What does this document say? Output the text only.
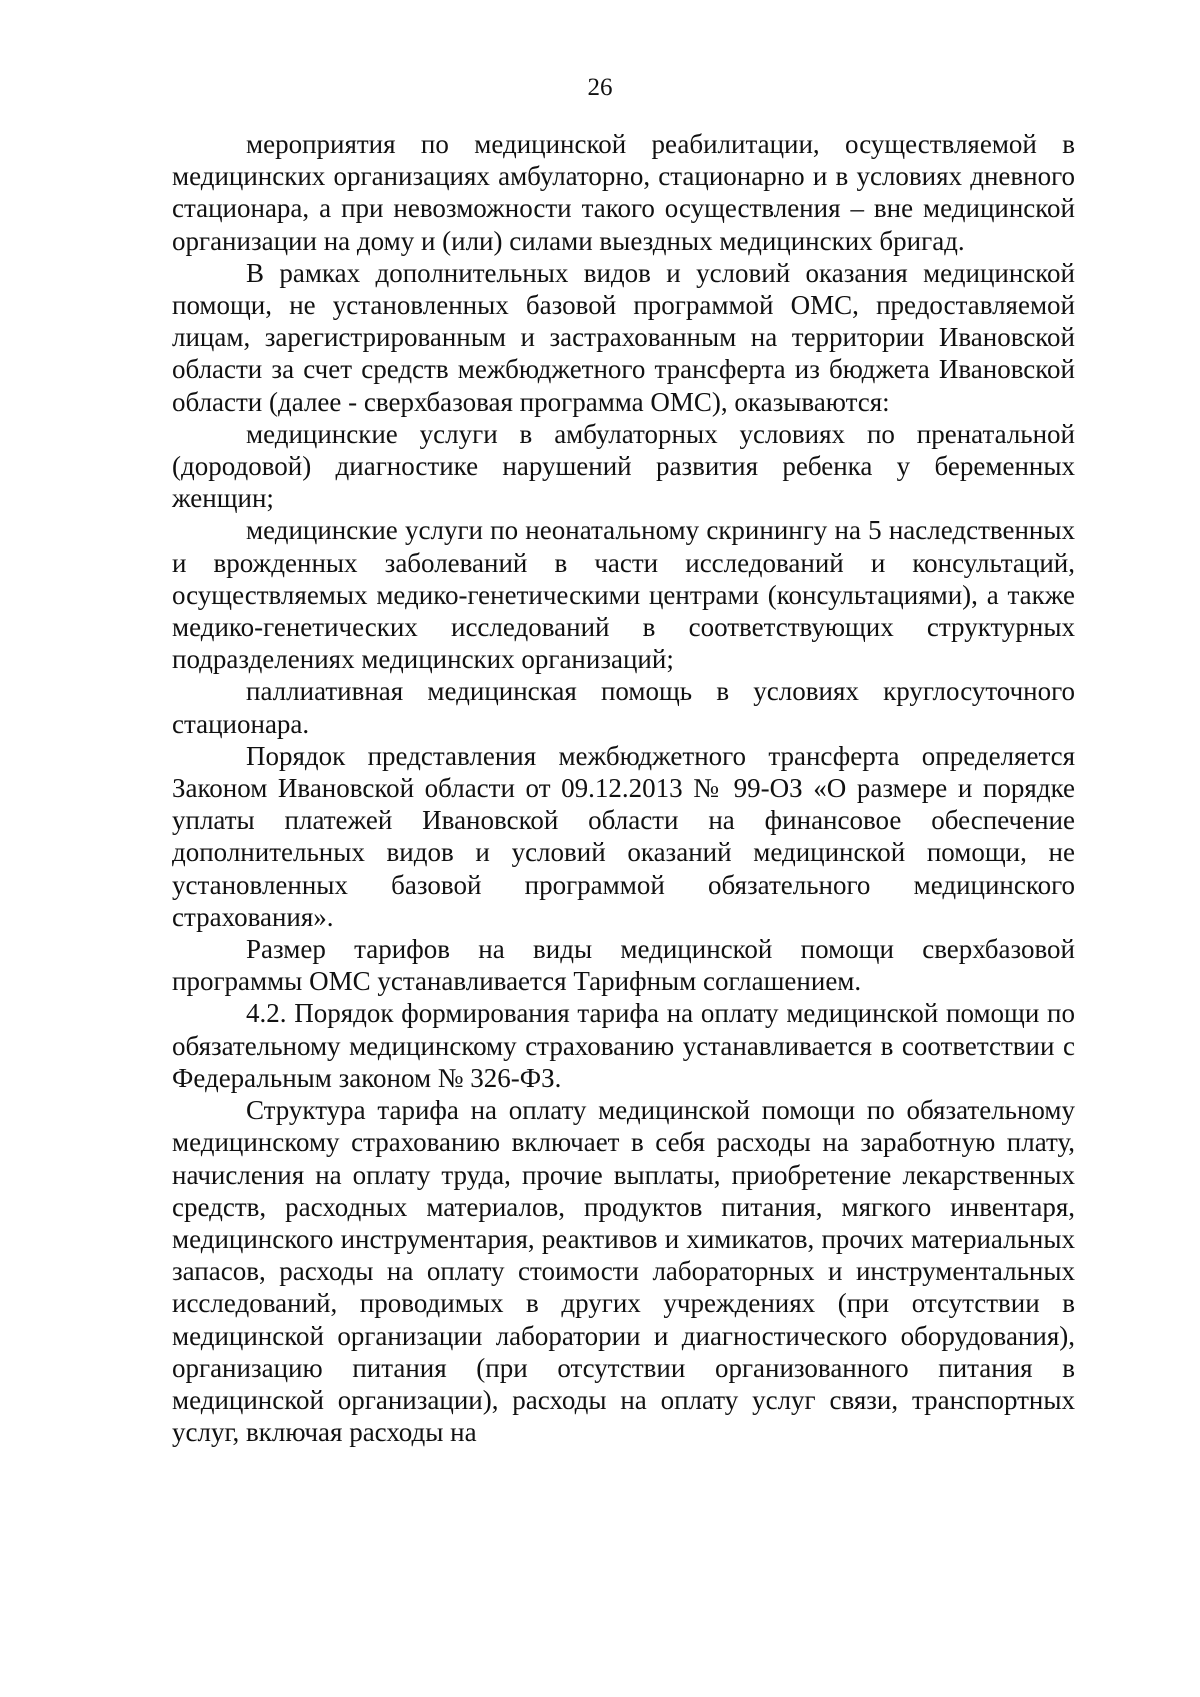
26

мероприятия по медицинской реабилитации, осуществляемой в медицинских организациях амбулаторно, стационарно и в условиях дневного стационара, а при невозможности такого осуществления – вне медицинской организации на дому и (или) силами выездных медицинских бригад.

В рамках дополнительных видов и условий оказания медицинской помощи, не установленных базовой программой ОМС, предоставляемой лицам, зарегистрированным и застрахованным на территории Ивановской области за счет средств межбюджетного трансферта из бюджета Ивановской области (далее - сверхбазовая программа ОМС), оказываются:

медицинские услуги в амбулаторных условиях по пренатальной (дородовой) диагностике нарушений развития ребенка у беременных женщин;

медицинские услуги по неонатальному скринингу на 5 наследственных и врожденных заболеваний в части исследований и консультаций, осуществляемых медико-генетическими центрами (консультациями), а также медико-генетических исследований в соответствующих структурных подразделениях медицинских организаций;

паллиативная медицинская помощь в условиях круглосуточного стационара.

Порядок представления межбюджетного трансферта определяется Законом Ивановской области от 09.12.2013 № 99-ОЗ «О размере и порядке уплаты платежей Ивановской области на финансовое обеспечение дополнительных видов и условий оказаний медицинской помощи, не установленных базовой программой обязательного медицинского страхования».

Размер тарифов на виды медицинской помощи сверхбазовой программы ОМС устанавливается Тарифным соглашением.

4.2. Порядок формирования тарифа на оплату медицинской помощи по обязательному медицинскому страхованию устанавливается в соответствии с Федеральным законом № 326-ФЗ.

Структура тарифа на оплату медицинской помощи по обязательному медицинскому страхованию включает в себя расходы на заработную плату, начисления на оплату труда, прочие выплаты, приобретение лекарственных средств, расходных материалов, продуктов питания, мягкого инвентаря, медицинского инструментария, реактивов и химикатов, прочих материальных запасов, расходы на оплату стоимости лабораторных и инструментальных исследований, проводимых в других учреждениях (при отсутствии в медицинской организации лаборатории и диагностического оборудования), организацию питания (при отсутствии организованного питания в медицинской организации), расходы на оплату услуг связи, транспортных услуг, включая расходы на
